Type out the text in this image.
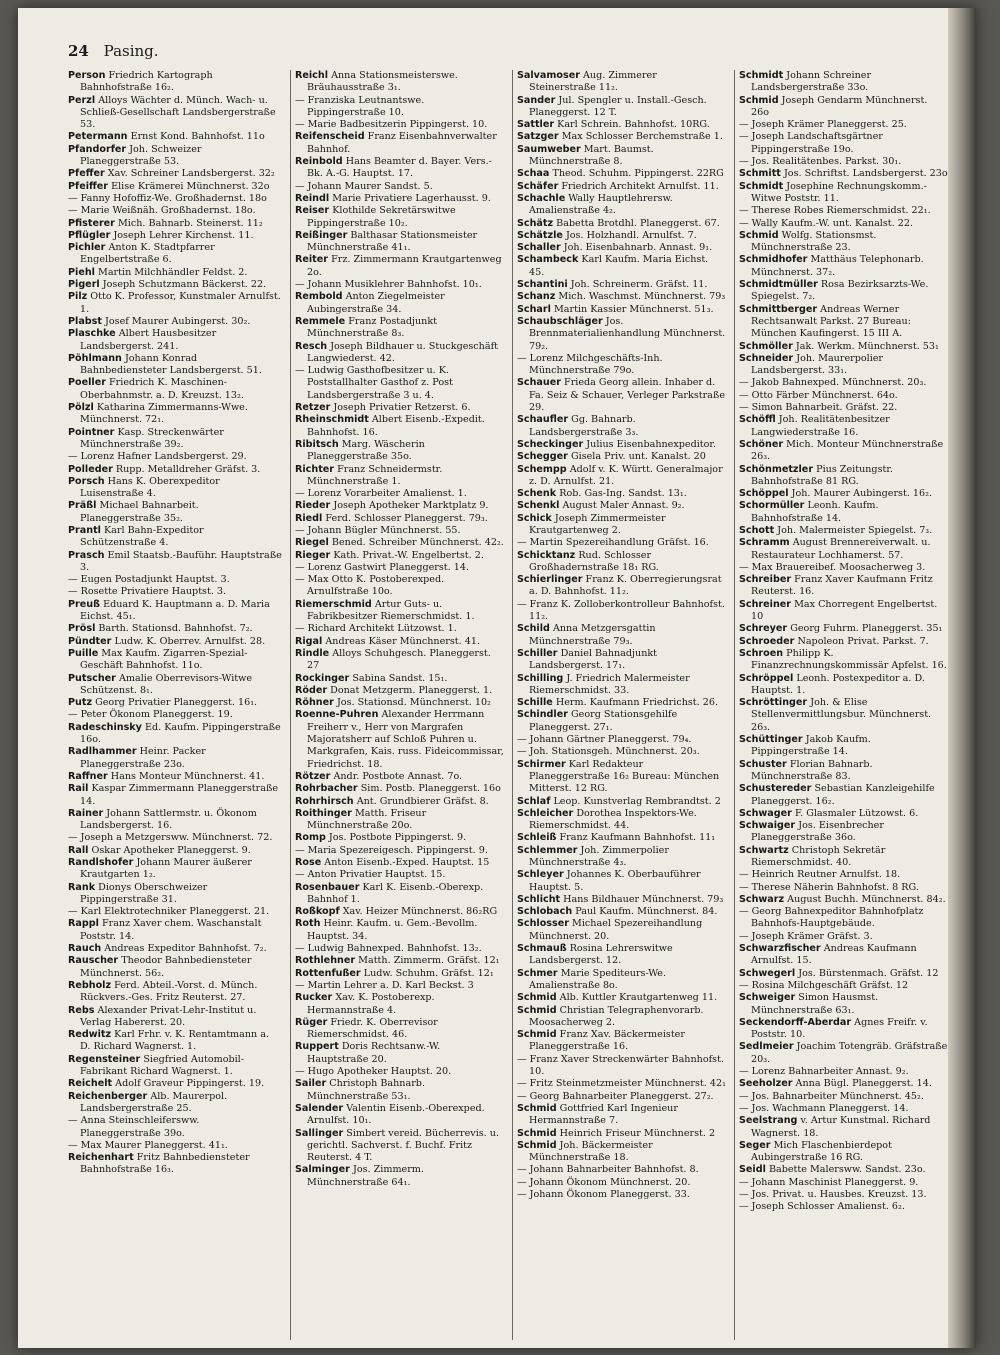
24 Pasing.

Person Friedrich Kartograph Bahnhofstraße 16₂.

Perzl Alloys Wächter d. Münch. Wach- u. Schließ-Gesellschaft Landsbergerstraße 53.

Petermann Ernst Kond. Bahnhofst. 11o

Pfandorfer Joh. Schweizer Planeggerstraße 53.

Pfeffer Xav. Schreiner Landsbergerst. 32₂

Pfeiffer Elise Krämerei Münchnerst. 32o

— Fanny Hofoffiz-We. Großhadernst. 18o

— Marie Weißnäh. Großhadernst. 18o.

Pfisterer Mich. Bahnarb. Steinerst. 11₂

Pflügler Joseph Lehrer Kirchenst. 11.

Pichler Anton K. Stadtpfarrer Engelbertstraße 6.

Piehl Martin Milchhändler Feldst. 2.

Pigerl Joseph Schutzmann Bäckerst. 22.

Pilz Otto K. Professor, Kunstmaler Arnulfst. 1.

Plabst Josef Maurer Aubingerst. 30₂.

Plaschke Albert Hausbesitzer Landsbergerst. 241.

Pöhlmann Johann Konrad Bahnbediensteter Landsbergerst. 51.

Poeller Friedrich K. Maschinen-Oberbahnmstr. a. D. Kreuzst. 13₂.

Pölzl Katharina Zimmermanns-Wwe. Münchnerst. 72₁.

Pointner Kasp. Streckenwärter Münchnerstraße 39₂.

— Lorenz Hafner Landsbergerst. 29.

Polleder Rupp. Metalldreher Gräfst. 3.

Porsch Hans K. Oberexpeditor Luisenstraße 4.

Präßl Michael Bahnarbeit. Planeggerstraße 35₂.

Prantl Karl Bahn-Expeditor Schützenstraße 4.

Prasch Emil Staatsb.-Bauführ. Hauptstraße 3.

— Eugen Postadjunkt Hauptst. 3.

— Rosette Privatiere Hauptst. 3.

Preuß Eduard K. Hauptmann a. D. Maria Eichst. 45₁.

Prösl Barth. Stationsd. Bahnhofst. 7₂.

Pündter Ludw. K. Oberrev. Arnulfst. 28.

Puille Max Kaufm. Zigarren-Spezial-Geschäft Bahnhofst. 11o.

Putscher Amalie Oberrevisors-Witwe Schützenst. 8₁.

Putz Georg Privatier Planeggerst. 16₁.

— Peter Ökonom Planeggerst. 19.

Radeschinsky Ed. Kaufm. Pippingerstraße 16o.

Radlhammer Heinr. Packer Planeggerstraße 23o.

Raffner Hans Monteur Münchnerst. 41.

Rail Kaspar Zimmermann Planeggerstraße 14.

Rainer Johann Sattlermstr. u. Ökonom Landsbergerst. 16.

— Joseph a Metzgersww. Münchnerst. 72.

Rall Oskar Apotheker Planeggerst. 9.

Randlshofer Johann Maurer äußerer Krautgarten 1₂.

Rank Dionys Oberschweizer Pippingerstraße 31.

— Karl Elektrotechniker Planeggerst. 21.

Rappl Franz Xaver chem. Waschanstalt Poststr. 14.

Rauch Andreas Expeditor Bahnhofst. 7₂.

Rauscher Theodor Bahnbediensteter Münchnerst. 56₂.

Rebholz Ferd. Abteil.-Vorst. d. Münch. Rückvers.-Ges. Fritz Reuterst. 27.

Rebs Alexander Privat-Lehr-Institut u. Verlag Habererst. 20.

Redwitz Karl Frhr. v. K. Rentamtmann a. D. Richard Wagnerst. 1.

Regensteiner Siegfried Automobil-Fabrikant Richard Wagnerst. 1.

Reichelt Adolf Graveur Pippingerst. 19.

Reichenberger Alb. Maurerpol. Landsbergerstraße 25.

— Anna Steinschleifersww. Planeggerstraße 39o.

— Max Maurer Planeggerst. 41₁.

Reichenhart Fritz Bahnbediensteter Bahnhofstraße 16₃.

Reichl Anna Stationsmeisterswe. Bräuhausstraße 3₁.

— Franziska Leutnantswe. Pippingerstraße 10.

— Marie Badbesitzerin Pippingerst. 10.

Reifenscheid Franz Eisenbahnverwalter Bahnhof.

Reinbold Hans Beamter d. Bayer. Vers.-Bk. A.-G. Hauptst. 17.

— Johann Maurer Sandst. 5.

Reindl Marie Privatiere Lagerhausst. 9.

Reiser Klothilde Sekretärswitwe Pippingerstraße 10₂.

Reißinger Balthasar Stationsmeister Münchnerstraße 41₁.

Reiter Frz. Zimmermann Krautgartenweg 2o.

— Johann Musiklehrer Bahnhofst. 10₁.

Rembold Anton Ziegelmeister Aubingerstraße 34.

Remmele Franz Postadjunkt Münchnerstraße 8₃.

Resch Joseph Bildhauer u. Stuckgeschäft Langwiederst. 42.

— Ludwig Gasthofbesitzer u. K. Poststallhalter Gasthof z. Post Landsbergerstraße 3 u. 4.

Retzer Joseph Privatier Retzerst. 6.

Rheinschmidt Albert Eisenb.-Expedit. Bahnhofst. 16.

Ribitsch Marg. Wäscherin Planeggerstraße 35o.

Richter Franz Schneidermstr. Münchnerstraße 1.

— Lorenz Vorarbeiter Amalienst. 1.

Rieder Joseph Apotheker Marktplatz 9.

Riedl Ferd. Schlosser Planeggerst. 79₃.

— Johann Bügler Münchnerst. 55.

Riegel Bened. Schreiber Münchnerst. 42₂.

Rieger Kath. Privat.-W. Engelbertst. 2.

— Lorenz Gastwirt Planeggerst. 14.

— Max Otto K. Postoberexped. Arnulfstraße 10o.

Riemerschmid Artur Guts- u. Fabrikbesitzer Riemerschmidst. 1.

— Richard Architekt Lützowst. 1.

Rigal Andreas Käser Münchnerst. 41.

Rindle Alloys Schuhgesch. Planeggerst. 27

Rockinger Sabina Sandst. 15₁.

Röder Donat Metzgerm. Planeggerst. 1.

Röhner Jos. Stationsd. Münchnerst. 10₂

Roenne-Puhren Alexander Herrmann Freiherr v., Herr von Margrafen Majoratsherr auf Schloß Puhren u. Markgrafen, Kais. russ. Fideicommissar, Friedrichst. 18.

Rötzer Andr. Postbote Annast. 7o.

Rohrbacher Sim. Postb. Planeggerst. 16o

Rohrhirsch Ant. Grundbierer Gräfst. 8.

Roithinger Matth. Friseur Münchnerstraße 20o.

Romp Jos. Postbote Pippingerst. 9.

— Maria Spezereigesch. Pippingerst. 9.

Rose Anton Eisenb.-Exped. Hauptst. 15

— Anton Privatier Hauptst. 15.

Rosenbauer Karl K. Eisenb.-Oberexp. Bahnhof 1.

Roßkopf Xav. Heizer Münchnerst. 86₂RG

Roth Heinr. Kaufm. u. Gem.-Bevollm. Hauptst. 34.

— Ludwig Bahnexped. Bahnhofst. 13₂.

Rothlehner Matth. Zimmerm. Gräfst. 12₁

Rottenfußer Ludw. Schuhm. Gräfst. 12₁

— Martin Lehrer a. D. Karl Beckst. 3

Rucker Xav. K. Postoberexp. Hermannstraße 4.

Rüger Friedr. K. Oberrevisor Riemerschmidst. 46.

Ruppert Doris Rechtsanw.-W. Hauptstraße 20.

— Hugo Apotheker Hauptst. 20.

Sailer Christoph Bahnarb. Münchnerstraße 53₁.

Salender Valentin Eisenb.-Oberexped. Arnulfst. 10₁.

Sallinger Simbert vereid. Bücherrevis. u. gerichtl. Sachverst. f. Buchf. Fritz Reuterst. 4 T.

Salminger Jos. Zimmerm. Münchnerstraße 64₁.

Salvamoser Aug. Zimmerer Steinerstraße 11₂.

Sander Jul. Spengler u. Install.-Gesch. Planeggerst. 12 T.

Sattler Karl Schrein. Bahnhofst. 10RG.

Satzger Max Schlosser Berchemstraße 1.

Saumweber Mart. Baumst. Münchnerstraße 8.

Schaa Theod. Schuhm. Pippingerst. 22RG

Schäfer Friedrich Architekt Arnulfst. 11.

Schachle Wally Hauptlehrersw. Amalienstraße 4₂.

Schätz Babetta Brotdhl. Planeggerst. 67.

Schätzle Jos. Holzhandl. Arnulfst. 7.

Schaller Joh. Eisenbahnarb. Annast. 9₁.

Schambeck Karl Kaufm. Maria Eichst. 45.

Schantini Joh. Schreinerm. Gräfst. 11.

Schanz Mich. Waschmst. Münchnerst. 79₃

Scharl Martin Kassier Münchnerst. 51₃.

Schaubschläger Jos. Brennmaterialienhandlung Münchnerst. 79₂.

— Lorenz Milchgeschäfts-Inh. Münchnerstraße 79o.

Schauer Frieda Georg allein. Inhaber d. Fa. Seiz & Schauer, Verleger Parkstraße 29.

Schaufler Gg. Bahnarb. Landsbergerstraße 3₃.

Scheckinger Julius Eisenbahnexpeditor.

Schegger Gisela Priv. unt. Kanalst. 20

Schempp Adolf v. K. Württ. Generalmajor z. D. Arnulfst. 21.

Schenk Rob. Gas-Ing. Sandst. 13₁.

Schenkl August Maler Annast. 9₂.

Schick Joseph Zimmermeister Krautgartenweg 2.

— Martin Spezereihandlung Gräfst. 16.

Schicktanz Rud. Schlosser Großhadernstraße 18₁ RG.

Schierlinger Franz K. Oberregierungsrat a. D. Bahnhofst. 11₂.

— Franz K. Zolloberkontrolleur Bahnhofst. 11₂.

Schild Anna Metzgersgattin Münchnerstraße 79₃.

Schiller Daniel Bahnadjunkt Landsbergerst. 17₁.

Schilling J. Friedrich Malermeister Riemerschmidst. 33.

Schille Herm. Kaufmann Friedrichst. 26.

Schindler Georg Stationsgehilfe Planeggerst. 27₁.

— Johann Gärtner Planeggerst. 79₄.

— Joh. Stationsgeh. Münchnerst. 20₃.

Schirmer Karl Redakteur Planeggerstraße 16₂ Bureau: München Mitterst. 12 RG.

Schlaf Leop. Kunstverlag Rembrandtst. 2

Schleicher Dorothea Inspektors-We. Riemerschmidst. 44.

Schleiß Franz Kaufmann Bahnhofst. 11₁

Schlemmer Joh. Zimmerpolier Münchnerstraße 4₃.

Schleyer Johannes K. Oberbauführer Hauptst. 5.

Schlicht Hans Bildhauer Münchnerst. 79₃

Schlobach Paul Kaufm. Münchnerst. 84.

Schlosser Michael Spezereihandlung Münchnerst. 20.

Schmauß Rosina Lehrerswitwe Landsbergerst. 12.

Schmer Marie Spediteurs-We. Amalienstraße 8o.

Schmid Alb. Kuttler Krautgartenweg 11.

Schmid Christian Telegraphenvorarb. Moosacherweg 2.

Schmid Franz Xav. Bäckermeister Planeggerstraße 16.

— Franz Xaver Streckenwärter Bahnhofst. 10.

— Fritz Steinmetzmeister Münchnerst. 42₁

— Georg Bahnarbeiter Planeggerst. 27₂.

Schmid Gottfried Karl Ingenieur Hermannstraße 7.

Schmid Heinrich Friseur Münchnerst. 2

Schmid Joh. Bäckermeister Münchnerstraße 18.

— Johann Bahnarbeiter Bahnhofst. 8.

— Johann Ökonom Münchnerst. 20.

— Johann Ökonom Planeggerst. 33.

Schmidt Johann Schreiner Landsbergerstraße 33o.

Schmid Joseph Gendarm Münchnerst. 26o

— Joseph Krämer Planeggerst. 25.

— Joseph Landschaftsgärtner Pippingerstraße 19o.

— Jos. Realitätenbes. Parkst. 30₁.

Schmitt Jos. Schriftst. Landsbergerst. 23o

Schmidt Josephine Rechnungskomm.-Witwe Poststr. 11.

— Therese Robes Riemerschmidst. 22₁.

— Wally Kaufm.-W. unt. Kanalst. 22.

Schmid Wolfg. Stationsmst. Münchnerstraße 23.

Schmidhofer Matthäus Telephonarb. Münchnerst. 37₂.

Schmidtmüller Rosa Bezirksarzts-We. Spiegelst. 7₂.

Schmittberger Andreas Werner Rechtsanwalt Parkst. 27 Bureau: München Kaufingerst. 15 III A.

Schmöller Jak. Werkm. Münchnerst. 53₁

Schneider Joh. Maurerpolier Landsbergerst. 33₁.

— Jakob Bahnexped. Münchnerst. 20₃.

— Otto Färber Münchnerst. 64o.

— Simon Bahnarbeit. Gräfst. 22.

Schöffl Joh. Realitätenbesitzer Langwiederstraße 16.

Schöner Mich. Monteur Münchnerstraße 26₃.

Schönmetzler Pius Zeitungstr. Bahnhofstraße 81 RG.

Schöppel Joh. Maurer Aubingerst. 16₂.

Schormüller Leonh. Kaufm. Bahnhofstraße 14.

Schott Joh. Malermeister Spiegelst. 7₃.

Schramm August Brennereiverwalt. u. Restaurateur Lochhamerst. 57.

— Max Brauereibef. Moosacherweg 3.

Schreiber Franz Xaver Kaufmann Fritz Reuterst. 16.

Schreiner Max Chorregent Engelbertst. 10

Schreyer Georg Fuhrm. Planeggerst. 35₁

Schroeder Napoleon Privat. Parkst. 7.

Schroen Philipp K. Finanzrechnungskommissär Apfelst. 16.

Schröppel Leonh. Postexpeditor a. D. Hauptst. 1.

Schröttinger Joh. & Elise Stellenvermittlungsbur. Münchnerst. 26₃.

Schüttinger Jakob Kaufm. Pippingerstraße 14.

Schuster Florian Bahnarb. Münchnerstraße 83.

Schustereder Sebastian Kanzleigehilfe Planeggerst. 16₂.

Schwager F. Glasmaler Lützowst. 6.

Schwaiger Jos. Eisenbrecher Planeggerstraße 36o.

Schwartz Christoph Sekretär Riemerschmidst. 40.

— Heinrich Reutner Arnulfst. 18.

— Therese Näherin Bahnhofst. 8 RG.

Schwarz August Buchh. Münchnerst. 84₂.

— Georg Bahnexpeditor Bahnhofplatz Bahnhofs-Hauptgebäude.

— Joseph Krämer Gräfst. 3.

Schwarzfischer Andreas Kaufmann Arnulfst. 15.

Schwegerl Jos. Bürstenmach. Gräfst. 12

— Rosina Milchgeschäft Gräfst. 12

Schweiger Simon Hausmst. Münchnerstraße 63₁.

Seckendorff-Aberdar Agnes Freifr. v. Poststr. 10.

Sedlmeier Joachim Totengräb. Gräfstraße 20₃.

— Lorenz Bahnarbeiter Annast. 9₂.

Seeholzer Anna Bügl. Planeggerst. 14.

— Jos. Bahnarbeiter Münchnerst. 45₂.

— Jos. Wachmann Planeggerst. 14.

Seelstrang v. Artur Kunstmal. Richard Wagnerst. 18.

Seger Mich Flaschenbierdepot Aubingerstraße 16 RG.

Seidl Babette Malersww. Sandst. 23o.

— Johann Maschinist Planeggerst. 9.

— Jos. Privat. u. Hausbes. Kreuzst. 13.

— Joseph Schlosser Amalienst. 6₂.
